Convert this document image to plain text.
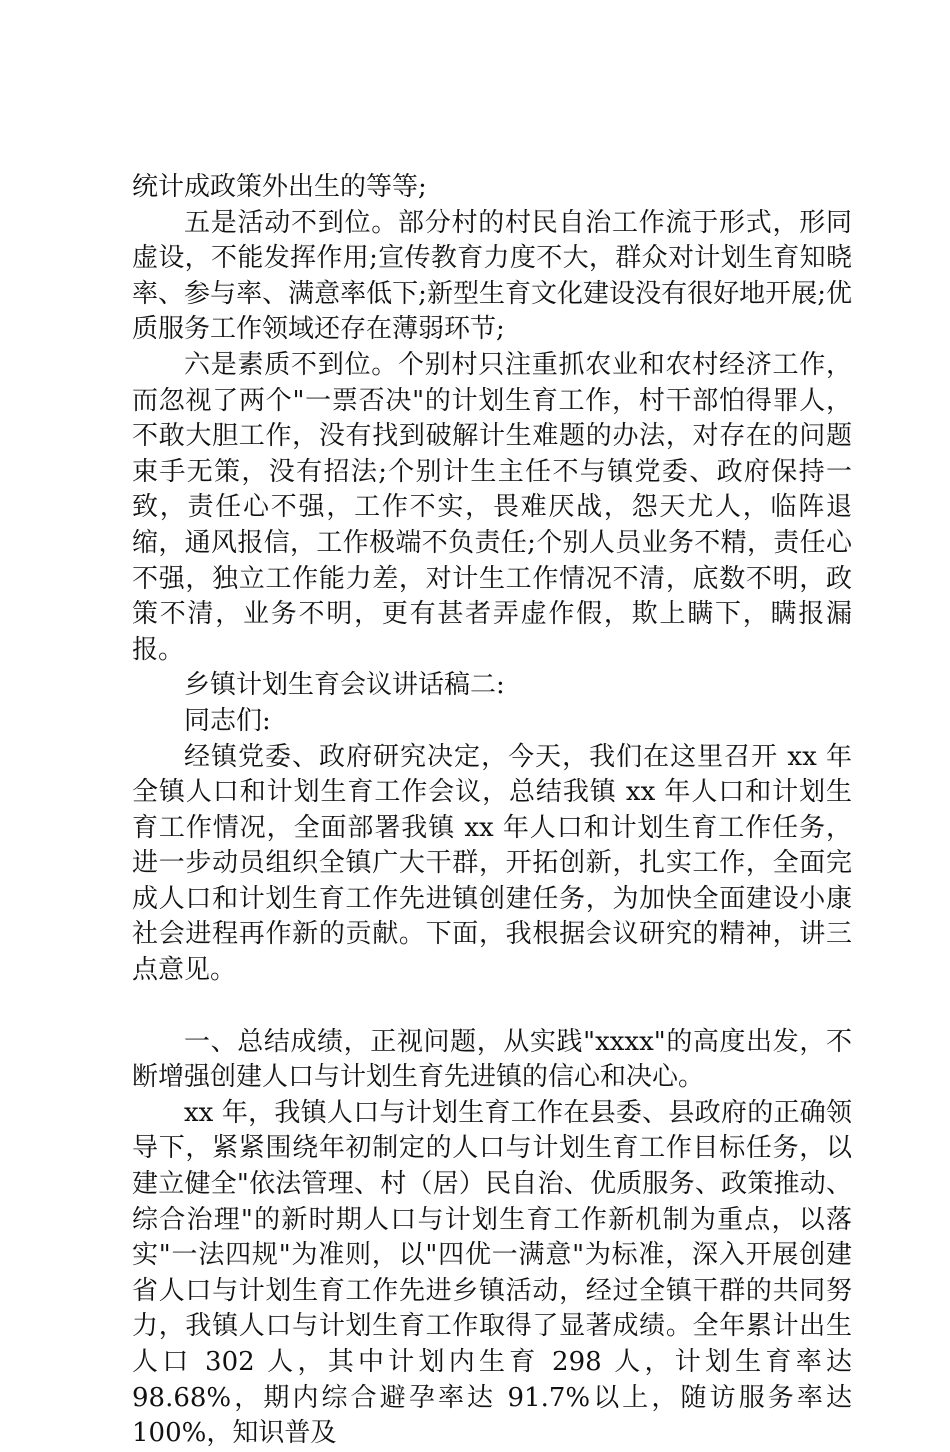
统计成政策外出生的等等;

五是活动不到位。部分村的村民自治工作流于形式，形同虚设，不能发挥作用;宣传教育力度不大，群众对计划生育知晓率、参与率、满意率低下;新型生育文化建设没有很好地开展;优质服务工作领域还存在薄弱环节;

六是素质不到位。个别村只注重抓农业和农村经济工作，而忽视了两个"一票否决"的计划生育工作，村干部怕得罪人，不敢大胆工作，没有找到破解计生难题的办法，对存在的问题束手无策，没有招法;个别计生主任不与镇党委、政府保持一致，责任心不强，工作不实，畏难厌战，怨天尤人，临阵退缩，通风报信，工作极端不负责任;个别人员业务不精，责任心不强，独立工作能力差，对计生工作情况不清，底数不明，政策不清，业务不明，更有甚者弄虚作假，欺上瞒下，瞒报漏报。

乡镇计划生育会议讲话稿二:

同志们:

经镇党委、政府研究决定，今天，我们在这里召开 xx 年全镇人口和计划生育工作会议，总结我镇 xx 年人口和计划生育工作情况，全面部署我镇 xx 年人口和计划生育工作任务，进一步动员组织全镇广大干群，开拓创新，扎实工作，全面完成人口和计划生育工作先进镇创建任务，为加快全面建设小康社会进程再作新的贡献。下面，我根据会议研究的精神，讲三点意见。

一、总结成绩，正视问题，从实践"xxxx"的高度出发，不断增强创建人口与计划生育先进镇的信心和决心。

xx 年，我镇人口与计划生育工作在县委、县政府的正确领导下，紧紧围绕年初制定的人口与计划生育工作目标任务，以建立健全"依法管理、村（居）民自治、优质服务、政策推动、综合治理"的新时期人口与计划生育工作新机制为重点，以落实"一法四规"为准则，以"四优一满意"为标准，深入开展创建省人口与计划生育工作先进乡镇活动，经过全镇干群的共同努力，我镇人口与计划生育工作取得了显著成绩。全年累计出生人口 302 人，其中计划内生育 298 人，计划生育率达 98.68%，期内综合避孕率达 91.7%以上，随访服务率达 100%，知识普及
